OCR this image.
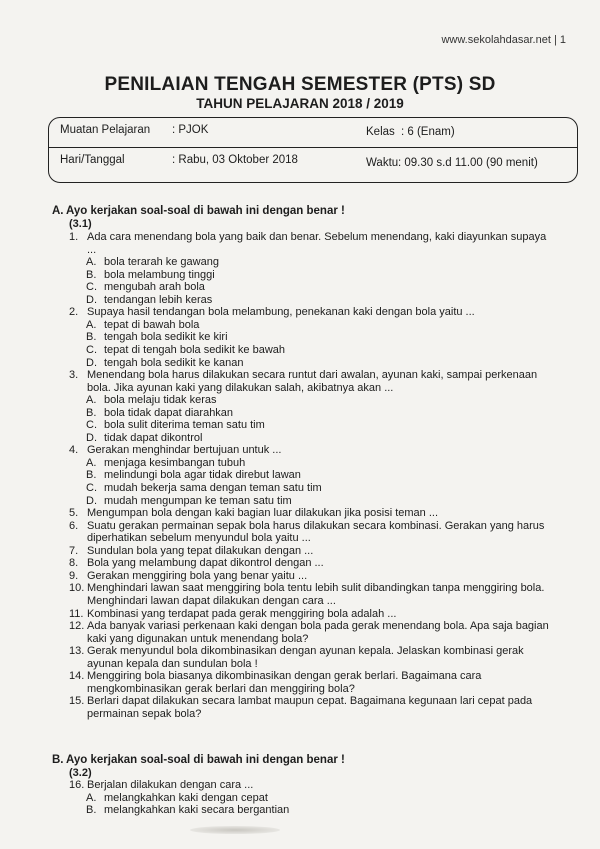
www.sekolahdasar.net | 1
PENILAIAN TENGAH SEMESTER (PTS) SD
TAHUN PELAJARAN 2018 / 2019
Muatan Pelajaran : PJOK	Kelas : 6 (Enam)
Hari/Tanggal	: Rabu, 03 Oktober 2018	Waktu : 09.30 s.d 11.00 (90 menit)
A. Ayo kerjakan soal-soal di bawah ini dengan benar !
(3.1)
1. Ada cara menendang bola yang baik dan benar. Sebelum menendang, kaki diayunkan supaya
...
A. bola terarah ke gawang
B. bola melambung tinggi
C. mengubah arah bola
D. tendangan lebih keras
2. Supaya hasil tendangan bola melambung, penekanan kaki dengan bola yaitu ...
A. tepat di bawah bola
B. tengah bola sedikit ke kiri
C. tepat di tengah bola sedikit ke bawah
D. tengah bola sedikit ke kanan
3. Menendang bola harus dilakukan secara runtut dari awalan, ayunan kaki, sampai perkenaan
bola. Jika ayunan kaki yang dilakukan salah, akibatnya akan ...
A. bola melaju tidak keras
B. bola tidak dapat diarahkan
C. bola sulit diterima teman satu tim
D. tidak dapat dikontrol
4. Gerakan menghindar bertujuan untuk ...
A. menjaga kesimbangan tubuh
B. melindungi bola agar tidak direbut lawan
C. mudah bekerja sama dengan teman satu tim
D. mudah mengumpan ke teman satu tim
5. Mengumpan bola dengan kaki bagian luar dilakukan jika posisi teman ...
6. Suatu gerakan permainan sepak bola harus dilakukan secara kombinasi. Gerakan yang harus
diperhatikan sebelum menyundul bola yaitu ...
7. Sundulan bola yang tepat dilakukan dengan ...
8. Bola yang melambung dapat dikontrol dengan ...
9. Gerakan menggiring bola yang benar yaitu ...
10. Menghindari lawan saat menggiring bola tentu lebih sulit dibandingkan tanpa menggiring bola.
Menghindari lawan dapat dilakukan dengan cara ...
11. Kombinasi yang terdapat pada gerak menggiring bola adalah ...
12. Ada banyak variasi perkenaan kaki dengan bola pada gerak menendang bola. Apa saja bagian
kaki yang digunakan untuk menendang bola?
13. Gerak menyundul bola dikombinasikan dengan ayunan kepala. Jelaskan kombinasi gerak
ayunan kepala dan sundulan bola !
14. Menggiring bola biasanya dikombinasikan dengan gerak berlari. Bagaimana cara
mengkombinasikan gerak berlari dan menggiring bola?
15. Berlari dapat dilakukan secara lambat maupun cepat. Bagaimana kegunaan lari cepat pada
permainan sepak bola?
B. Ayo kerjakan soal-soal di bawah ini dengan benar !
(3.2)
16. Berjalan dilakukan dengan cara ...
A. melangkahkan kaki dengan cepat
B. melangkahkan kaki secara bergantian
